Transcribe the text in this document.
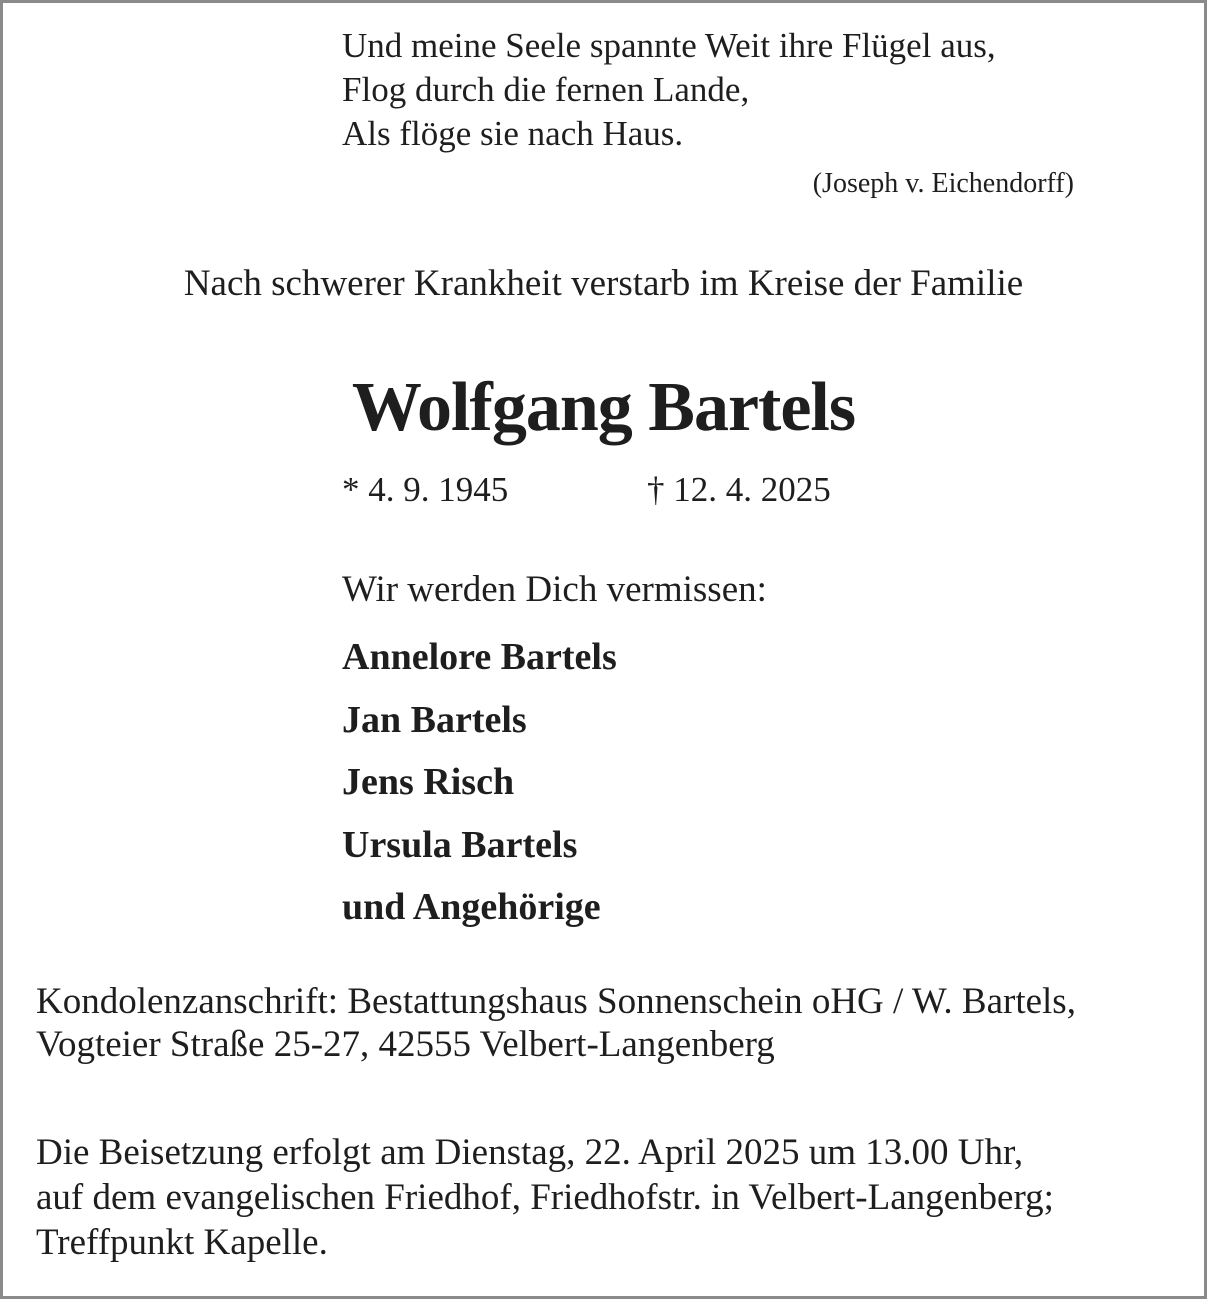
Und meine Seele spannte Weit ihre Flügel aus,
Flog durch die fernen Lande,
Als flöge sie nach Haus.
(Joseph v. Eichendorff)
Nach schwerer Krankheit verstarb im Kreise der Familie
Wolfgang Bartels
* 4. 9. 1945	† 12. 4. 2025
Wir werden Dich vermissen:
Annelore Bartels
Jan Bartels
Jens Risch
Ursula Bartels
und Angehörige
Kondolenzanschrift: Bestattungshaus Sonnenschein oHG / W. Bartels,
Vogteier Straße 25-27, 42555 Velbert-Langenberg
Die Beisetzung erfolgt am Dienstag, 22. April 2025 um 13.00 Uhr,
auf dem evangelischen Friedhof, Friedhofstr. in Velbert-Langenberg;
Treffpunkt Kapelle.
